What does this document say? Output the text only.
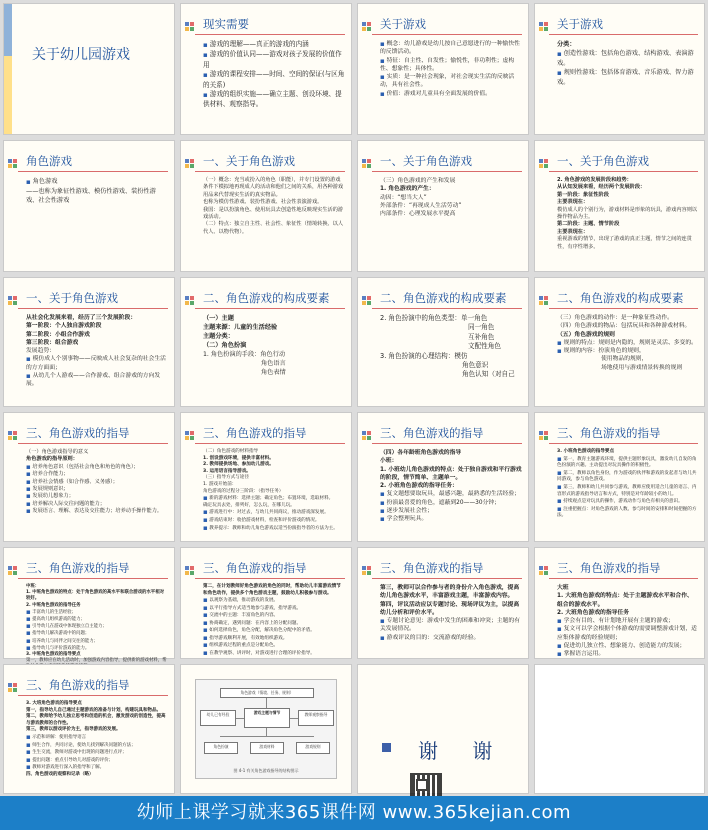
关于幼儿园游戏
现实需要

▪ 游戏的理解——真正的游戏的内涵

▪ 游戏的价值认同——游戏对孩子发展的价值作用

▪ 游戏的课程安排——时间、空间的保证(与区角的关系)

▪ 游戏的组织实施——确立主题、创设环境、提供材料、观察指导。

关于游戏

▪ 概念：幼儿游戏是幼儿按自己意愿进行的一种愉快性的反馈活动。

▪ 特征：自主性、自发性；愉悦性，非功利性；虚构性、想象性；具体性。

▪ 实质：是一种社会现象，对社会现实生活的反映活动，具有社会性。

▪ 价值：游戏对儿童具有全面发展的价值。

关于游戏

分类：

▪ 创造性游戏：包括角色游戏、结构游戏、表演游戏。

▪ 规则性游戏：包括体育游戏、音乐游戏、智力游戏。

角色游戏

▪ 角色游戏

——也称为象征性游戏、模仿性游戏、装扮性游戏、社会性游戏

一、关于角色游戏

（一）概念：充当或扮入的角色（职能），并专门设置的游戏条件下模拟地再现成人的活动和他们之间的关系，用各种游戏用品来代替现实生活的真实物品。

也称为模仿性游戏、装扮性游戏、社会性表演游戏。

我国：是以扮演角色、使用玩具去创造性地反映现实生活的游戏活动。

（二）特点：独立自主性、社会性、象征性（情境转换、以人代人、以物代物）。

一、关于角色游戏

（三）角色游戏的产生和发展

1. 角色游戏的产生：

动因：“想当大人”

外部条件：“再现成人生活劳动”

内部条件：心理发展水平提高

一、关于角色游戏

2. 角色游戏的发展阶段和趋势：

从认知发展来看，经历两个发展阶段：

第一阶段：象征性阶段

主要表现在：

模仿成人的个别行为，游戏材料是形象的玩具，游戏内容则以操作物品为主。

第二阶段：主题、情节阶段

主要表现在：

重视游戏的情节，出现了游戏的真正主题，情节之间的连贯性，有序性增多。

一、关于角色游戏

从社会化发展来看，经历了三个发展阶段：

第一阶段：个人独自游戏阶段

第二阶段：小组合作游戏

第三阶段：组合游戏

发展趋势：

▪ 模仿成人个别事物——反映成人社会复杂的社会生活的方方面面；

▪ 从幼儿个人游戏——合作游戏、组合游戏的方向发展。

二、角色游戏的构成要素

（一）主题

主题来源：儿童的生活经验

主题分类：

（二）角色扮演

1. 角色扮演的手段：角色行动

角色语言

角色表情

二、角色游戏的构成要素

2. 角色扮演中的角色类型：单一角色

同一角色

互补角色

文配性角色

3. 角色扮演的心理结构：模仿

角色意识

角色认知（对自己

二、角色游戏的构成要素

（三）角色游戏的动作：是一种象征性动作。

（四）角色游戏的物品：包括玩具和各种游戏材料。

（五）角色游戏的规则

▪ 规则的特点：规则是内隐的，规则是灵活、多变的。

▪ 规则的内容：扮演角色的规则，

使用物品的规则，

场地使用与游戏情景转换的规则

三、角色游戏的指导

（一）角色游戏指导的意义

角色游戏的指导原则：

▪ 培养角色意识（包括社会角色和角色的角色）；

▪ 培养合作能力；

▪ 培养社会情感（如合作感、义务感）；

▪ 发展规则意识；

▪ 发展幼儿想象力；

▪ 培养解决人际交往问题的能力；

▪ 发展语言、理解、表达及交往能力；培养动手操作能力。

三、角色游戏的指导

（二）角色游戏的材料指导

1. 创设游戏环境，提供丰富材料。

2. 教师提供场地、参加幼儿游戏。

3. 运用语言指导游戏。

（三）指导方式与途径

1. 游戏开始前：

角色游戏的过程分三阶段：（指导任务）

▪ 新的游戏材料：选择主题；确定角色；布置环境，选取材料。

确定玩具去处，排列好，怎么玩，在哪儿玩。

▪ 游戏进行中：对过去，与幼儿共同商议，推动游戏深发展。

▪ 游戏结束时：收拾游戏材料，检查和评价游戏的情况。

▪ 教养提示：教师和幼儿角色游戏以适当扮演指导者的方法为主。

三、角色游戏的指导

（四）各年龄班角色游戏的指导

小班：

1. 小班幼儿角色游戏的特点：处于独自游戏和平行游戏的阶段，情节简单、主题单一。

2. 小班角色游戏的指导任务：

▪ 复文题想要取玩具，最感兴趣，最熟悉的生活经验；

▪ 扮演最喜爱的角色，遮蔽到20——30分钟；

▪ 逐步发展社会性；

▪ 学会整理玩具。

三、角色游戏的指导

3. 小班角色游戏的指导要点

▪ 第一，教育主题游戏环境，提供主题形象玩具，激发幼儿自发的角色扮演的兴趣。主动提出对玩具操作的积极性。

▪ 第二，教师以角色身份，作为游戏的伙伴和游戏的发起者与幼儿共同游戏，参与角色游戏。

▪ 第三，教师和幼儿共同参与游戏，教师应使用适合儿童的语言、内容形式的游戏指导语言和方式，特别是对年龄较小的幼儿。

▪ 持续观点是对玩具的操作，游戏动作与角色有相关的意识。

▪ 注重把握点：对角色游戏的人数、参与时间的安排和时间把握的方法。

三、角色游戏的指导

中班：

1. 中班角色游戏的特点：处于角色游戏的高水平和联合游戏的水平相对较好。

2. 中班角色游戏的指导任务

▪ 丰富幼儿的生活经验；

▪ 提高幼儿组织游戏的能力；

▪ 引导幼儿在游戏中体现独立自主能力；

▪ 指导幼儿解决游戏中的问题；

▪ 培养幼儿与同伴之间交往的能力；

▪ 指导幼儿与评价游戏的能力。

3. 中班角色游戏的指导要点

第一，教师应在幼儿活动时，加强游戏内容指导，提供新的游戏材料，帮

三、角色游戏的指导

第二，在计划教师好角色游戏的角色的同时，帮助幼儿丰富游戏情节和角色动作，提供多个角色游戏主题，鼓励幼儿积极参与游戏。

▪ 以观察为基础，推动游戏的发展。

▪ 以平行指导方式适当地参与游戏，指导游戏。

▪ 交流中的主题：丰富角色的内容。

▪ 协商确定，遇到问题：在内容上的分配问题。

▪ 如何选择角色，角色分配，解决角色分配中的矛盾。

▪ 指导游戏顺利开展，有效地组织游戏。

▪ 组织游戏过程的重点是分配角色。

▪ 在教学观察、讲评时，对游戏进行合理的评价指导。

三、角色游戏的指导

第三，教师可以合作参与者的身份介入角色游戏，提高幼儿角色游戏水平，丰富游戏主题，丰富游戏内容。

第四，评议活动应以专题讨论、现场评议为主，以提高幼儿分析和评价水平。

▪ 专题讨论意见：游戏中发生的困难和冲突；主题的有关发展情况。

▪ 游戏评议的目的：交流游戏的经验。

三、角色游戏的指导

大班

1. 大班角色游戏的特点：处于主题游戏水平和合作、组合的游戏水平。

2. 大班角色游戏的指导任务

▪ 学会有目的、有计划地开展有主题的游戏；

▪ 复文可以学会根据个体游戏的需要调整游戏计划，适应集体游戏的经验规则；

▪ 促进幼儿独立性、想象能力、创造能力的发展；

▪ 掌握语言运用。

三、角色游戏的指导

3. 大班角色游戏的指导要点

第一，指导幼儿自己通过主题游戏的准备与计划，构建玩具和物品。

第二，教师给予幼儿独立思考和创造的机会，激发游戏的创造性，提高与游戏教师的合作性。

第三，教师以游戏评价为主，指导游戏的发展。

▪ 示范和讲解：使用指导语言

▪ 师生合作，共同讨论，使幼儿找到解决问题的方法；

▪ 生生交流，教师对游戏中出现的问题进行点评；

▪ 提出问题：重点引导幼儿对游戏的评价；

▪ 教师对游戏进行深入的指导和了解。

四、角色游戏的观察和记录（略）

角色游戏（情境、任务、规则）
幼儿已有经验	游戏主题与情节	教师观察指导
角色扮演	游戏材料	游戏规则
图 4-1 有关角色游戏指导的结构图示
谢 谢
幼师上课学习就来365课件网 www.365kejian.com
